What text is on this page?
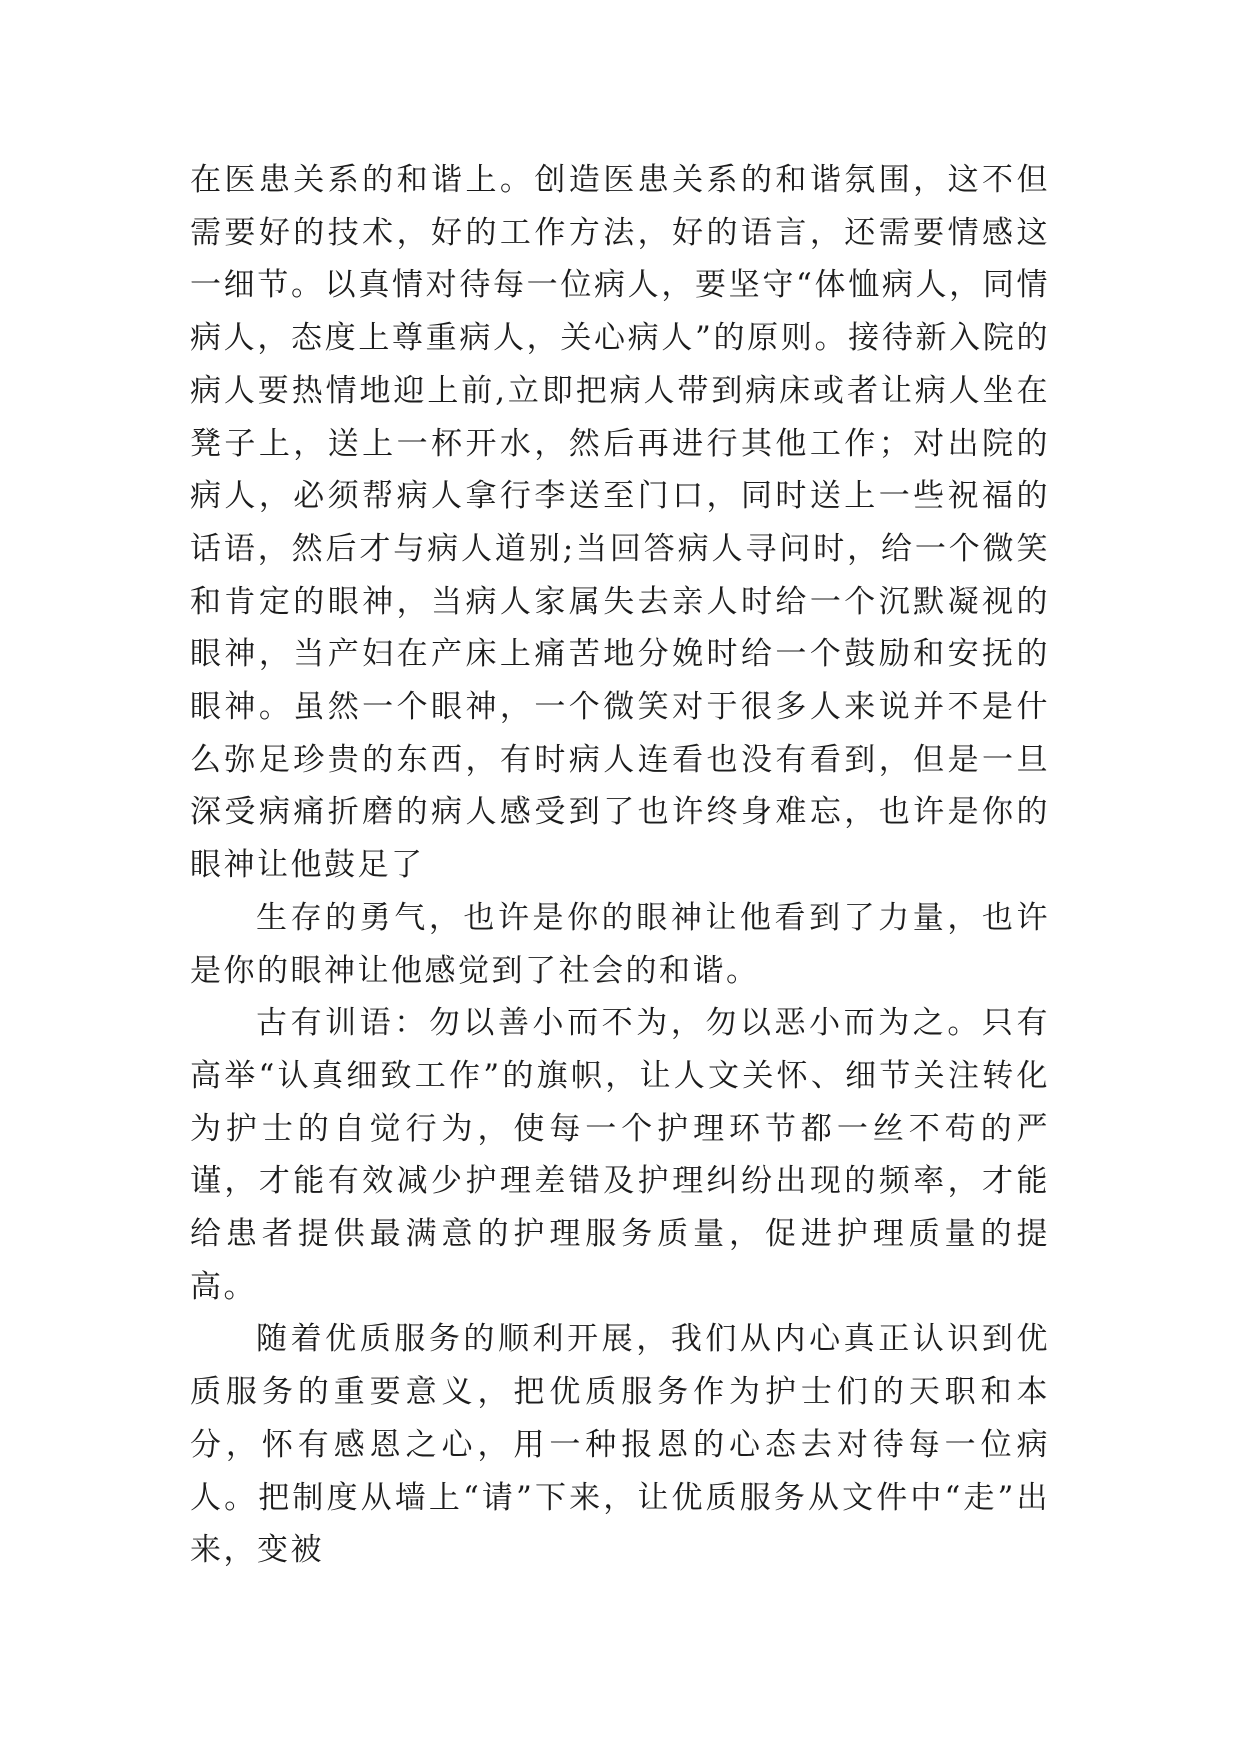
在医患关系的和谐上。创造医患关系的和谐氛围，这不但需要好的技术，好的工作方法，好的语言，还需要情感这一细节。以真情对待每一位病人，要坚守“体恤病人，同情病人，态度上尊重病人，关心病人”的原则。接待新入院的病人要热情地迎上前,立即把病人带到病床或者让病人坐在凳子上，送上一杯开水，然后再进行其他工作；对出院的病人，必须帮病人拿行李送至门口，同时送上一些祝福的话语，然后才与病人道别;当回答病人寻问时，给一个微笑和肯定的眼神，当病人家属失去亲人时给一个沉默凝视的眼神，当产妇在产床上痛苦地分娩时给一个鼓励和安抚的眼神。虽然一个眼神，一个微笑对于很多人来说并不是什么弥足珍贵的东西，有时病人连看也没有看到，但是一旦深受病痛折磨的病人感受到了也许终身难忘，也许是你的眼神让他鼓足了

生存的勇气，也许是你的眼神让他看到了力量，也许是你的眼神让他感觉到了社会的和谐。

古有训语：勿以善小而不为，勿以恶小而为之。只有高举“认真细致工作”的旗帜，让人文关怀、细节关注转化为护士的自觉行为，使每一个护理环节都一丝不苟的严谨，才能有效减少护理差错及护理纠纷出现的频率，才能给患者提供最满意的护理服务质量，促进护理质量的提高。

随着优质服务的顺利开展，我们从内心真正认识到优质服务的重要意义，把优质服务作为护士们的天职和本分，怀有感恩之心，用一种报恩的心态去对待每一位病人。把制度从墙上“请”下来，让优质服务从文件中“走”出来，变被
